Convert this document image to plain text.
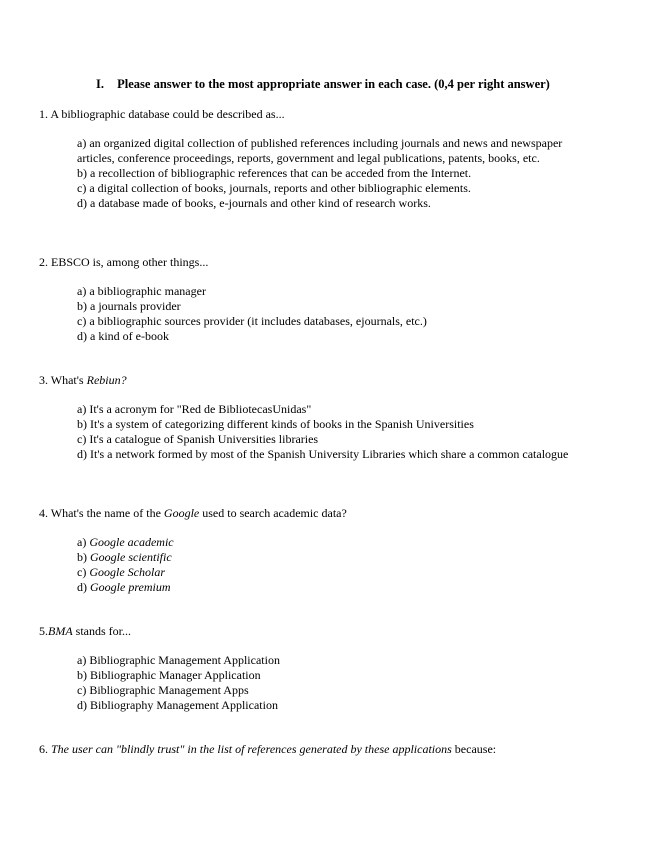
I. Please answer to the most appropriate answer in each case. (0,4 per right answer)
1. A bibliographic database could be described as...
a) an organized digital collection of published references including journals and news and newspaper articles, conference proceedings, reports, government and legal publications, patents, books, etc.
b) a recollection of bibliographic references that can be acceded from the Internet.
c) a digital collection of books, journals, reports and other bibliographic elements.
d) a database made of books, e-journals and other kind of research works.
2. EBSCO is, among other things...
a) a bibliographic manager
b) a journals provider
c) a bibliographic sources provider (it includes databases, ejournals, etc.)
d) a kind of e-book
3. What's Rebiun?
a) It's a acronym for "Red de BibliotecasUnidas"
b) It's a system of categorizing different kinds of books in the Spanish Universities
c) It's a catalogue of Spanish Universities libraries
d) It's a network formed by most of the Spanish University Libraries which share a common catalogue
4. What's the name of the Google used to search academic data?
a) Google academic
b) Google scientific
c) Google Scholar
d) Google premium
5.BMA stands for...
a) Bibliographic Management Application
b) Bibliographic Manager Application
c) Bibliographic Management Apps
d) Bibliography Management Application
6. The user can "blindly trust" in the list of references generated by these applications because:
